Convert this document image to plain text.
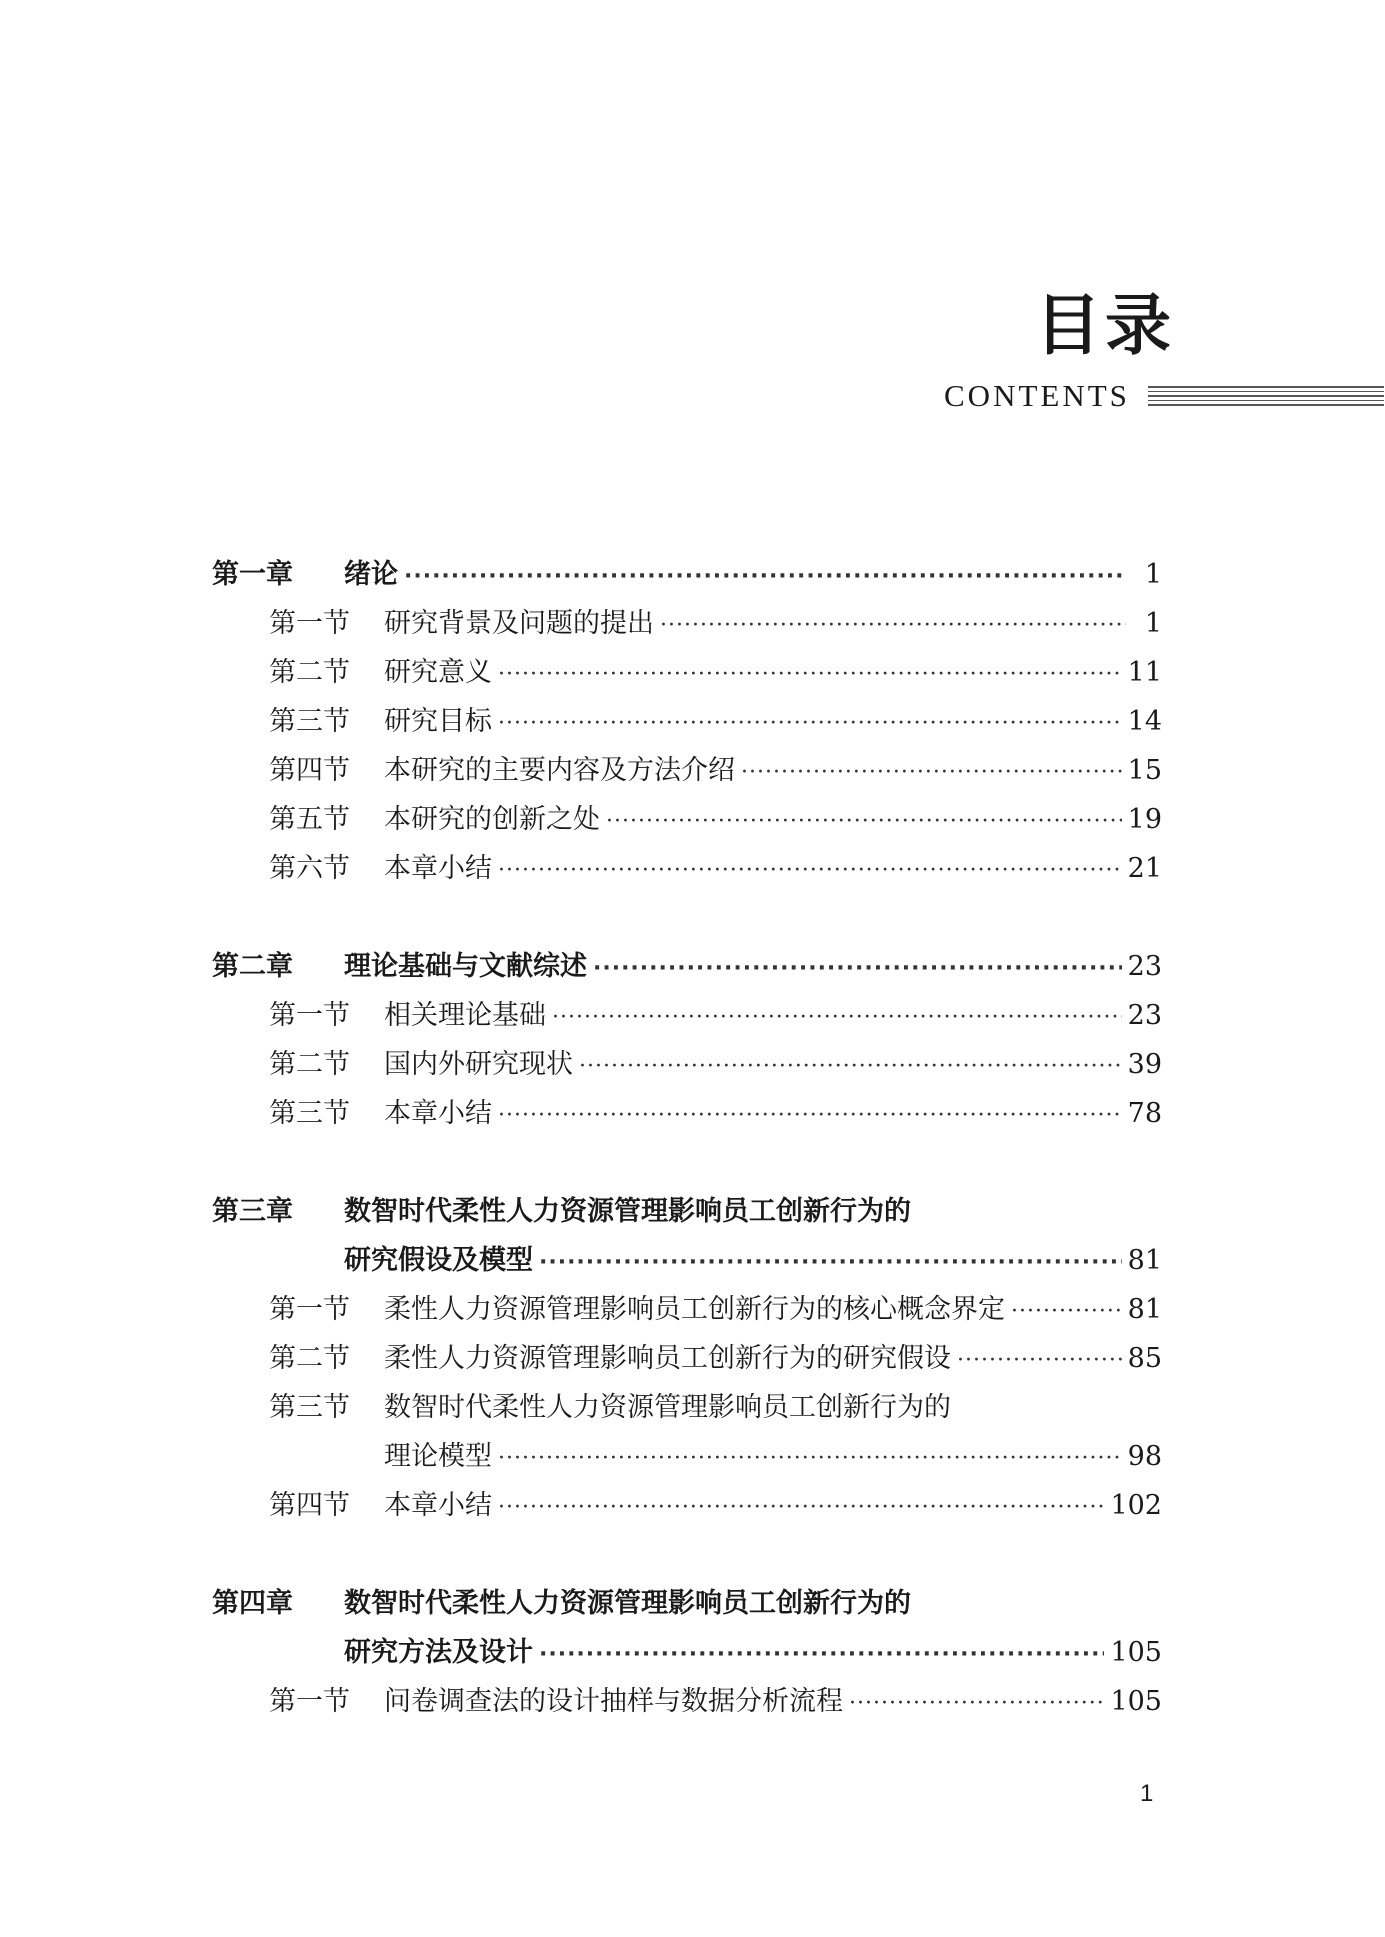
目录
CONTENTS
第一章 绪论 ·····	1
第一节 研究背景及问题的提出 ·····	1
第二节 研究意义 ·····	11
第三节 研究目标 ·····	14
第四节 本研究的主要内容及方法介绍 ·····	15
第五节 本研究的创新之处 ·····	19
第六节 本章小结 ·····	21
第二章 理论基础与文献综述 ·····	23
第一节 相关理论基础 ·····	23
第二节 国内外研究现状 ·····	39
第三节 本章小结 ·····	78
第三章 数智时代柔性人力资源管理影响员工创新行为的
研究假设及模型 ·····	81
第一节 柔性人力资源管理影响员工创新行为的核心概念界定 ·····	81
第二节 柔性人力资源管理影响员工创新行为的研究假设 ·····	85
第三节 数智时代柔性人力资源管理影响员工创新行为的
理论模型 ·····	98
第四节 本章小结 ·····	102
第四章 数智时代柔性人力资源管理影响员工创新行为的
研究方法及设计 ·····	105
第一节 问卷调查法的设计抽样与数据分析流程 ·····	105
1
